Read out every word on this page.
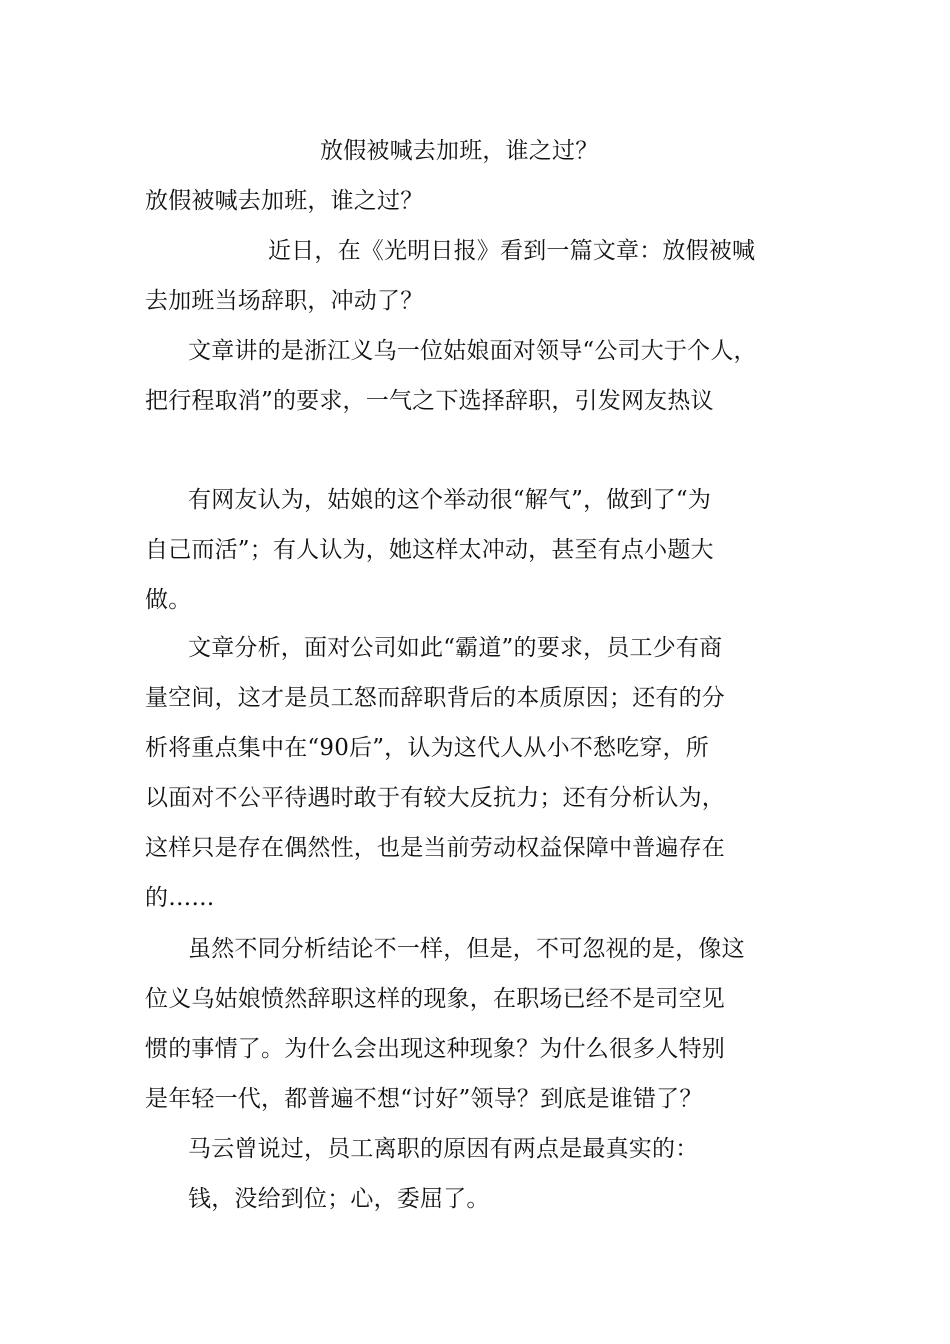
放假被喊去加班，谁之过？
放假被喊去加班，谁之过？
近日，在《光明日报》看到一篇文章：放假被喊
去加班当场辞职，冲动了？
文章讲的是浙江义乌一位姑娘面对领导“公司大于个人，
把行程取消”的要求，一气之下选择辞职，引发网友热议
有网友认为，姑娘的这个举动很“解气”，做到了“为
自己而活”；有人认为，她这样太冲动，甚至有点小题大
做。
文章分析，面对公司如此“霸道”的要求，员工少有商
量空间，这才是员工怒而辞职背后的本质原因；还有的分
析将重点集中在“90后”，认为这代人从小不愁吃穿，所
以面对不公平待遇时敢于有较大反抗力；还有分析认为，
这样只是存在偶然性，也是当前劳动权益保障中普遍存在
的……
虽然不同分析结论不一样，但是，不可忽视的是，像这
位义乌姑娘愤然辞职这样的现象，在职场已经不是司空见
惯的事情了。为什么会出现这种现象？为什么很多人特别
是年轻一代，都普遍不想“讨好”领导？到底是谁错了？
马云曾说过，员工离职的原因有两点是最真实的：
钱，没给到位；心，委屈了。
